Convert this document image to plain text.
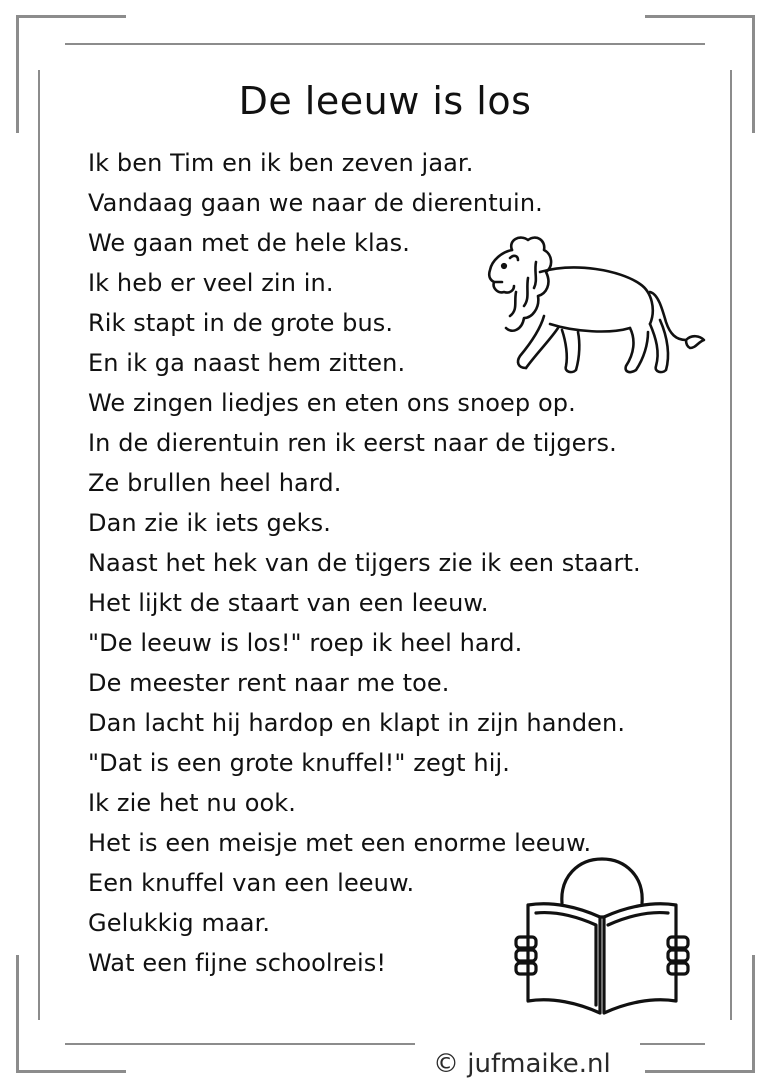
De leeuw is los
Ik ben Tim en ik ben zeven jaar.
Vandaag gaan we naar de dierentuin.
We gaan met de hele klas.
Ik heb er veel zin in.
Rik stapt in de grote bus.
En ik ga naast hem zitten.
We zingen liedjes en eten ons snoep op.
In de dierentuin ren ik eerst naar de tijgers.
Ze brullen heel hard.
Dan zie ik iets geks.
Naast het hek van de tijgers zie ik een staart.
Het lijkt de staart van een leeuw.
"De leeuw is los!" roep ik heel hard.
De meester rent naar me toe.
Dan lacht hij hardop en klapt in zijn handen.
"Dat is een grote knuffel!" zegt hij.
Ik zie het nu ook.
Het is een meisje met een enorme leeuw.
Een knuffel van een leeuw.
Gelukkig maar.
Wat een fijne schoolreis!
© jufmaike.nl
